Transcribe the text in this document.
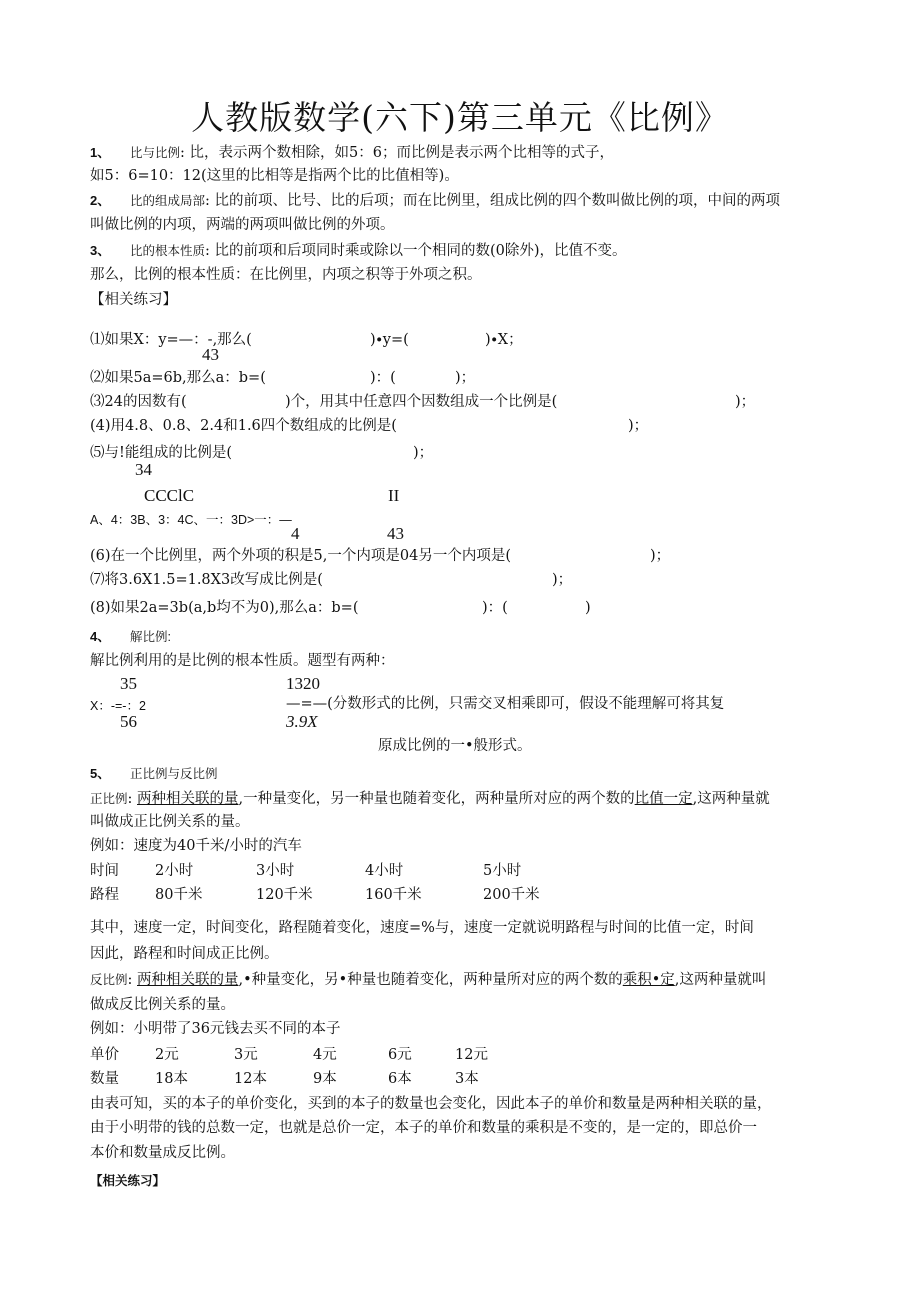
人教版数学(六下)第三单元《比例》
1、 比与比例: 比，表示两个数相除，如5：6；而比例是表示两个比相等的式子，
如5：6=10：12(这里的比相等是指两个比的比值相等)。
2、 比的组成局部: 比的前项、比号、比的后项；而在比例里，组成比例的四个数叫做比例的项，中间的两项
叫做比例的内项，两端的两项叫做比例的外项。
3、 比的根本性质: 比的前项和后项同时乘或除以一个相同的数(0除外)，比值不变。
那么，比例的根本性质：在比例里，内项之积等于外项之积。
【相关练习】
⑴如果X：y=—：-,那么(	)∙y=(	)∙X；
43
⑵如果5a=6b,那么a：b=(	)：(	)；
⑶24的因数有(	)个，用其中任意四个因数组成一个比例是(	)；
(4)用4.8、0.8、2.4和1.6四个数组成的比例是(	)；
⑸与!能组成的比例是(	)；
34
CCClC	II
A、4：3B、3：4C、一：3D>一：—
4	43
(6)在一个比例里，两个外项的积是5,一个内项是04另一个内项是(	)；
⑺将3.6X1.5=1.8X3改写成比例是(	)；
(8)如果2a=3b(a,b均不为0),那么a：b=(	)：(	)
4、 解比例:
解比例利用的是比例的根本性质。题型有两种：
35	1320
X：-=-：2	—=—(分数形式的比例，只需交叉相乘即可，假设不能理解可将其复
56	3.9X
原成比例的一•般形式。
5、 正比例与反比例
正比例: 两种相关联的量,一种量变化，另一种量也随着变化，两种量所对应的两个数的比值一定,这两种量就
叫做成正比例关系的量。
例如：速度为40千米/小时的汽车
时间 2小时	3小时	4小时	5小时
路程 80千米	120千米	160千米	200千米
其中，速度一定，时间变化，路程随着变化，速度=%与，速度一定就说明路程与时间的比值一定，时间
因此，路程和时间成正比例。
反比例: 两种相关联的量,•种量变化，另•种量也随着变化，两种量所对应的两个数的乘积•定,这两种量就叫
做成反比例关系的量。
例如：小明带了36元钱去买不同的本子
单价 2元	3元	4元	6元	12元
数量 18本	12本	9本	6本	3本
由表可知，买的本子的单价变化，买到的本子的数量也会变化，因此本子的单价和数量是两种相关联的量，
由于小明带的钱的总数一定，也就是总价一定，本子的单价和数量的乘积是不变的，是一定的，即总价一
本价和数量成反比例。
【相关练习】
